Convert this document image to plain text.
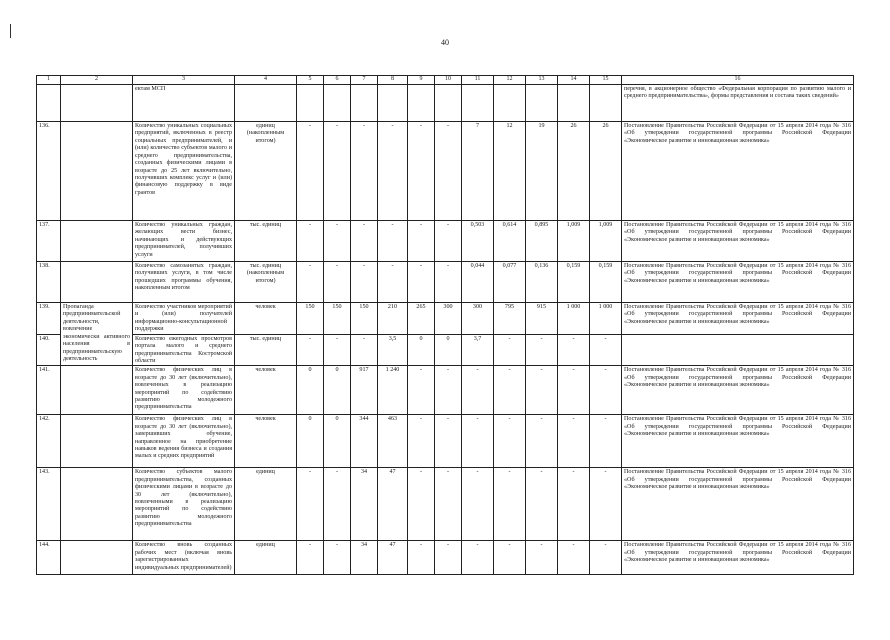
40
1	2	3	4	5	6	7	8	9	10	11	12	13	14	15	16
		ектам МСП													перечня, в акционерное общество «Федеральная корпорация по развитию малого и среднего предпринимательства», формы представления и состава таких сведений»
136.		Количество уникальных социальных предприятий, включенных в реестр социальных предпринимателей, и (или) количество субъектов малого и среднего предпринимательства, созданных физическими лицами в возрасте до 25 лет включительно, получивших комплекс услуг и (или) финансовую поддержку в виде грантов	единиц (накопленным итогом)	-	-	-	-	-	-	7	12	19	26	26	Постановление Правительства Российской Федерации от 15 апреля 2014 года № 316 «Об утверждении государственной программы Российской Федерации «Экономическое развитие и инновационная экономика»
137.		Количество уникальных граждан, желающих вести бизнес, начинающих и действующих предпринимателей, получивших услуги	тыс. единиц	-	-	-	-	-	-	0,503	0,614	0,895	1,009	1,009	Постановление Правительства Российской Федерации от 15 апреля 2014 года № 316 «Об утверждении государственной программы Российской Федерации «Экономическое развитие и инновационная экономика»
138.		Количество самозанятых граждан, получивших услуги, в том числе прошедших программы обучения, накопленным итогом	тыс. единиц (накопленным итогом)	-	-	-	-	-	-	0,044	0,077	0,136	0,159	0,159	Постановление Правительства Российской Федерации от 15 апреля 2014 года № 316 «Об утверждении государственной программы Российской Федерации «Экономическое развитие и инновационная экономика»
139.	Пропаганда предпринимательской деятельности, вовлечение экономически активного населения в предпринимательскую деятельность	Количество участников мероприятий и (или) получателей информационно-консультационной поддержки	человек	150	150	150	210	265	300	300	795	915	1 000	1 000	Постановление Правительства Российской Федерации от 15 апреля 2014 года № 316 «Об утверждении государственной программы Российской Федерации «Экономическое развитие и инновационная экономика»
140.		Количество ежегодных просмотров портала малого и среднего предпринимательства Костромской области	тыс. единиц	-	-	-	3,5	0	0	3,7	-	-	-	-	
141.		Количество физических лиц в возрасте до 30 лет (включительно), вовлеченных в реализацию мероприятий по содействию развитию молодежного предпринимательства	человек	0	0	917	1 240	-	-	-	-	-	-	-	Постановление Правительства Российской Федерации от 15 апреля 2014 года № 316 «Об утверждении государственной программы Российской Федерации «Экономическое развитие и инновационная экономика»
142.		Количество физических лиц в возрасте до 30 лет (включительно), завершивших обучение, направленное на приобретение навыков ведения бизнеса и создания малых и средних предприятий	человек	0	0	344	463	-	-	-	-	-	-	-	Постановление Правительства Российской Федерации от 15 апреля 2014 года № 316 «Об утверждении государственной программы Российской Федерации «Экономическое развитие и инновационная экономика»
143.		Количество субъектов малого предпринимательства, созданных физическими лицами в возрасте до 30 лет (включительно), вовлеченными в реализацию мероприятий по содействию развитию молодежного предпринимательства	единиц	-	-	34	47	-	-	-	-	-	-	-	Постановление Правительства Российской Федерации от 15 апреля 2014 года № 316 «Об утверждении государственной программы Российской Федерации «Экономическое развитие и инновационная экономика»
144.		Количество вновь созданных рабочих мест (включая вновь зарегистрированных индивидуальных предпринимателей)	единиц	-	-	34	47	-	-	-	-	-	-	-	Постановление Правительства Российской Федерации от 15 апреля 2014 года № 316 «Об утверждении государственной программы Российской Федерации «Экономическое развитие и инновационная экономика»
